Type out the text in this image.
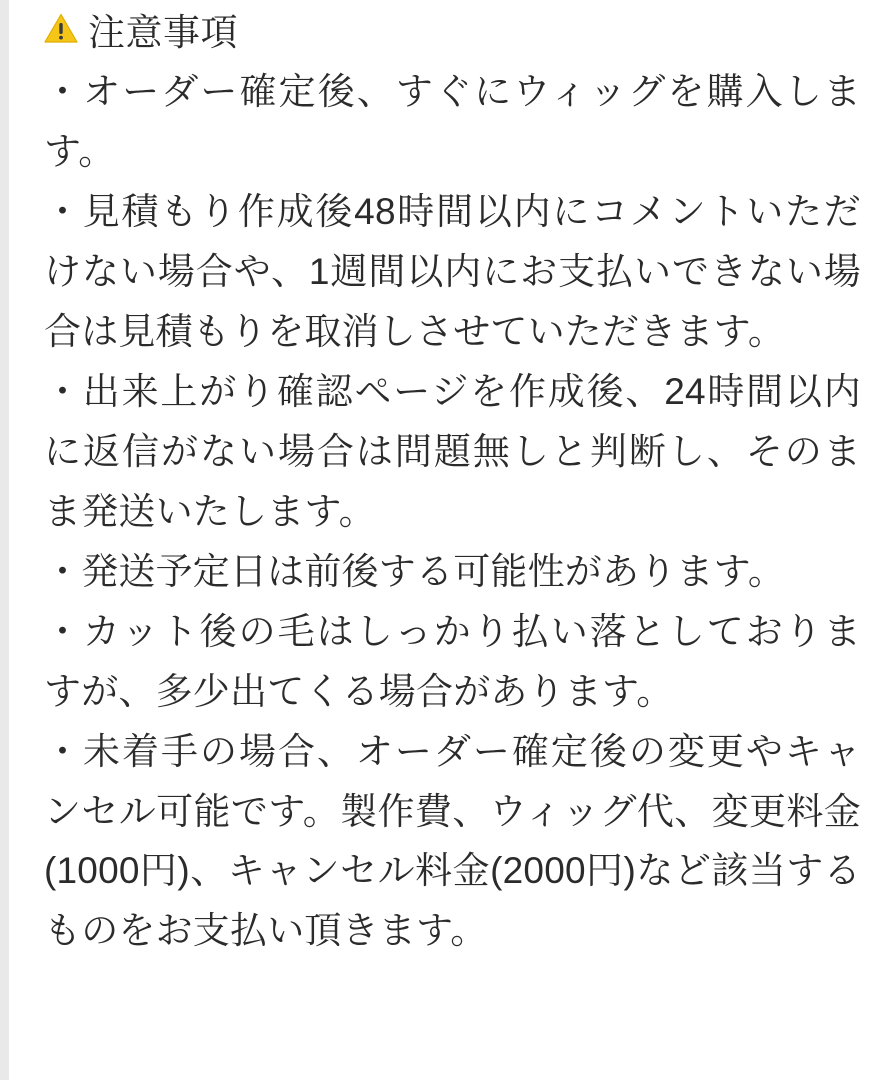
注意事項

・オーダー確定後、すぐにウィッグを購入します。

・見積もり作成後48時間以内にコメントいただけない場合や、1週間以内にお支払いできない場合は見積もりを取消しさせていただきます。

・出来上がり確認ページを作成後、24時間以内に返信がない場合は問題無しと判断し、そのまま発送いたします。

・発送予定日は前後する可能性があります。

・カット後の毛はしっかり払い落としておりますが、多少出てくる場合があります。

・未着手の場合、オーダー確定後の変更やキャンセル可能です。製作費、ウィッグ代、変更料金(1000円)、キャンセル料金(2000円)など該当するものをお支払い頂きます。
